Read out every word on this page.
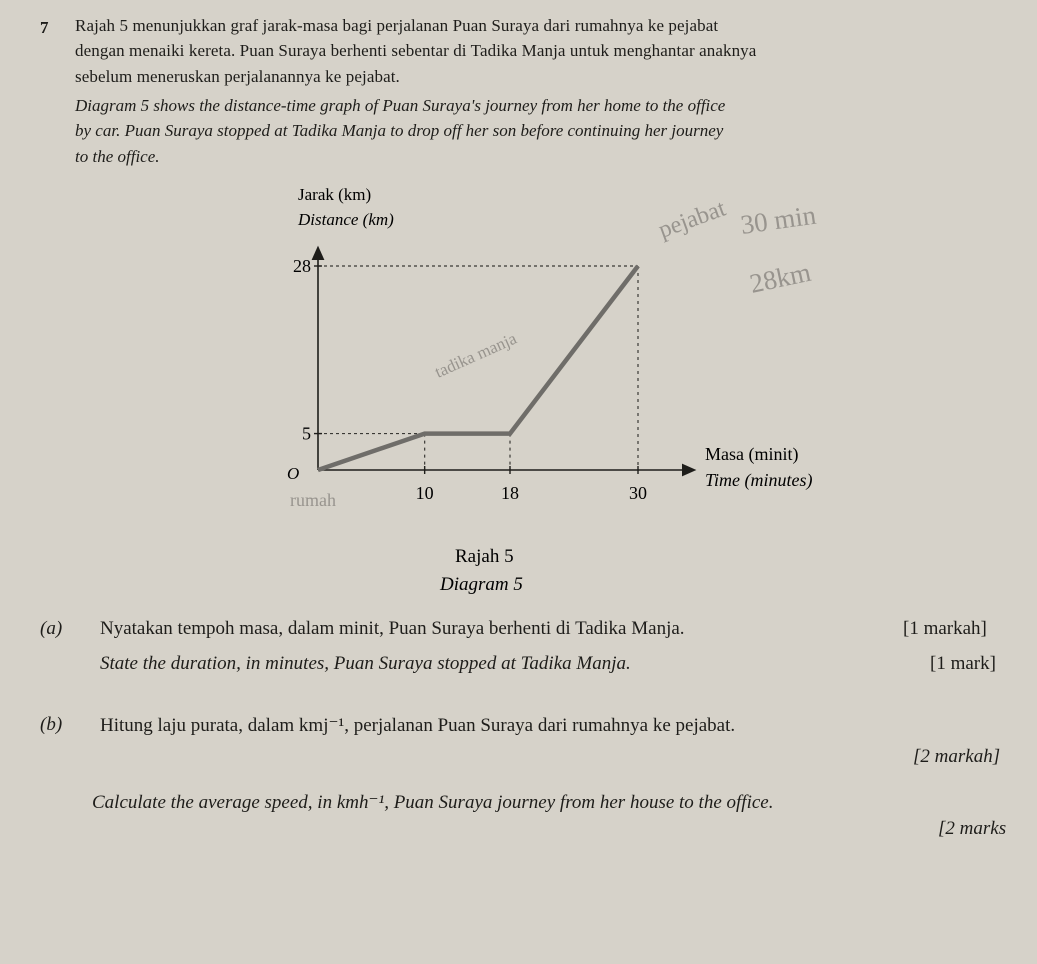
7 Rajah 5 menunjukkan graf jarak-masa bagi perjalanan Puan Suraya dari rumahnya ke pejabat
dengan menaiki kereta. Puan Suraya berhenti sebentar di Tadika Manja untuk menghantar anaknya
sebelum meneruskan perjalanannya ke pejabat.
Diagram 5 shows the distance-time graph of Puan Suraya's journey from her home to the office
by car. Puan Suraya stopped at Tadika Manja to drop off her son before continuing her journey
to the office.
Jarak (km)
Distance (km)
Masa (minit)
Time (minutes)
O
10	18	30
5
28
pejabat 30 min
28km
tadika manja
rumah
Rajah 5
Diagram 5
(a) Nyatakan tempoh masa, dalam minit, Puan Suraya berhenti di Tadika Manja.	[1 markah]
State the duration, in minutes, Puan Suraya stopped at Tadika Manja.	[1 mark]
(b) Hitung laju purata, dalam kmj⁻¹, perjalanan Puan Suraya dari rumahnya ke pejabat.
[2 markah]
Calculate the average speed, in kmh⁻¹, Puan Suraya journey from her house to the office.
[2 marks
